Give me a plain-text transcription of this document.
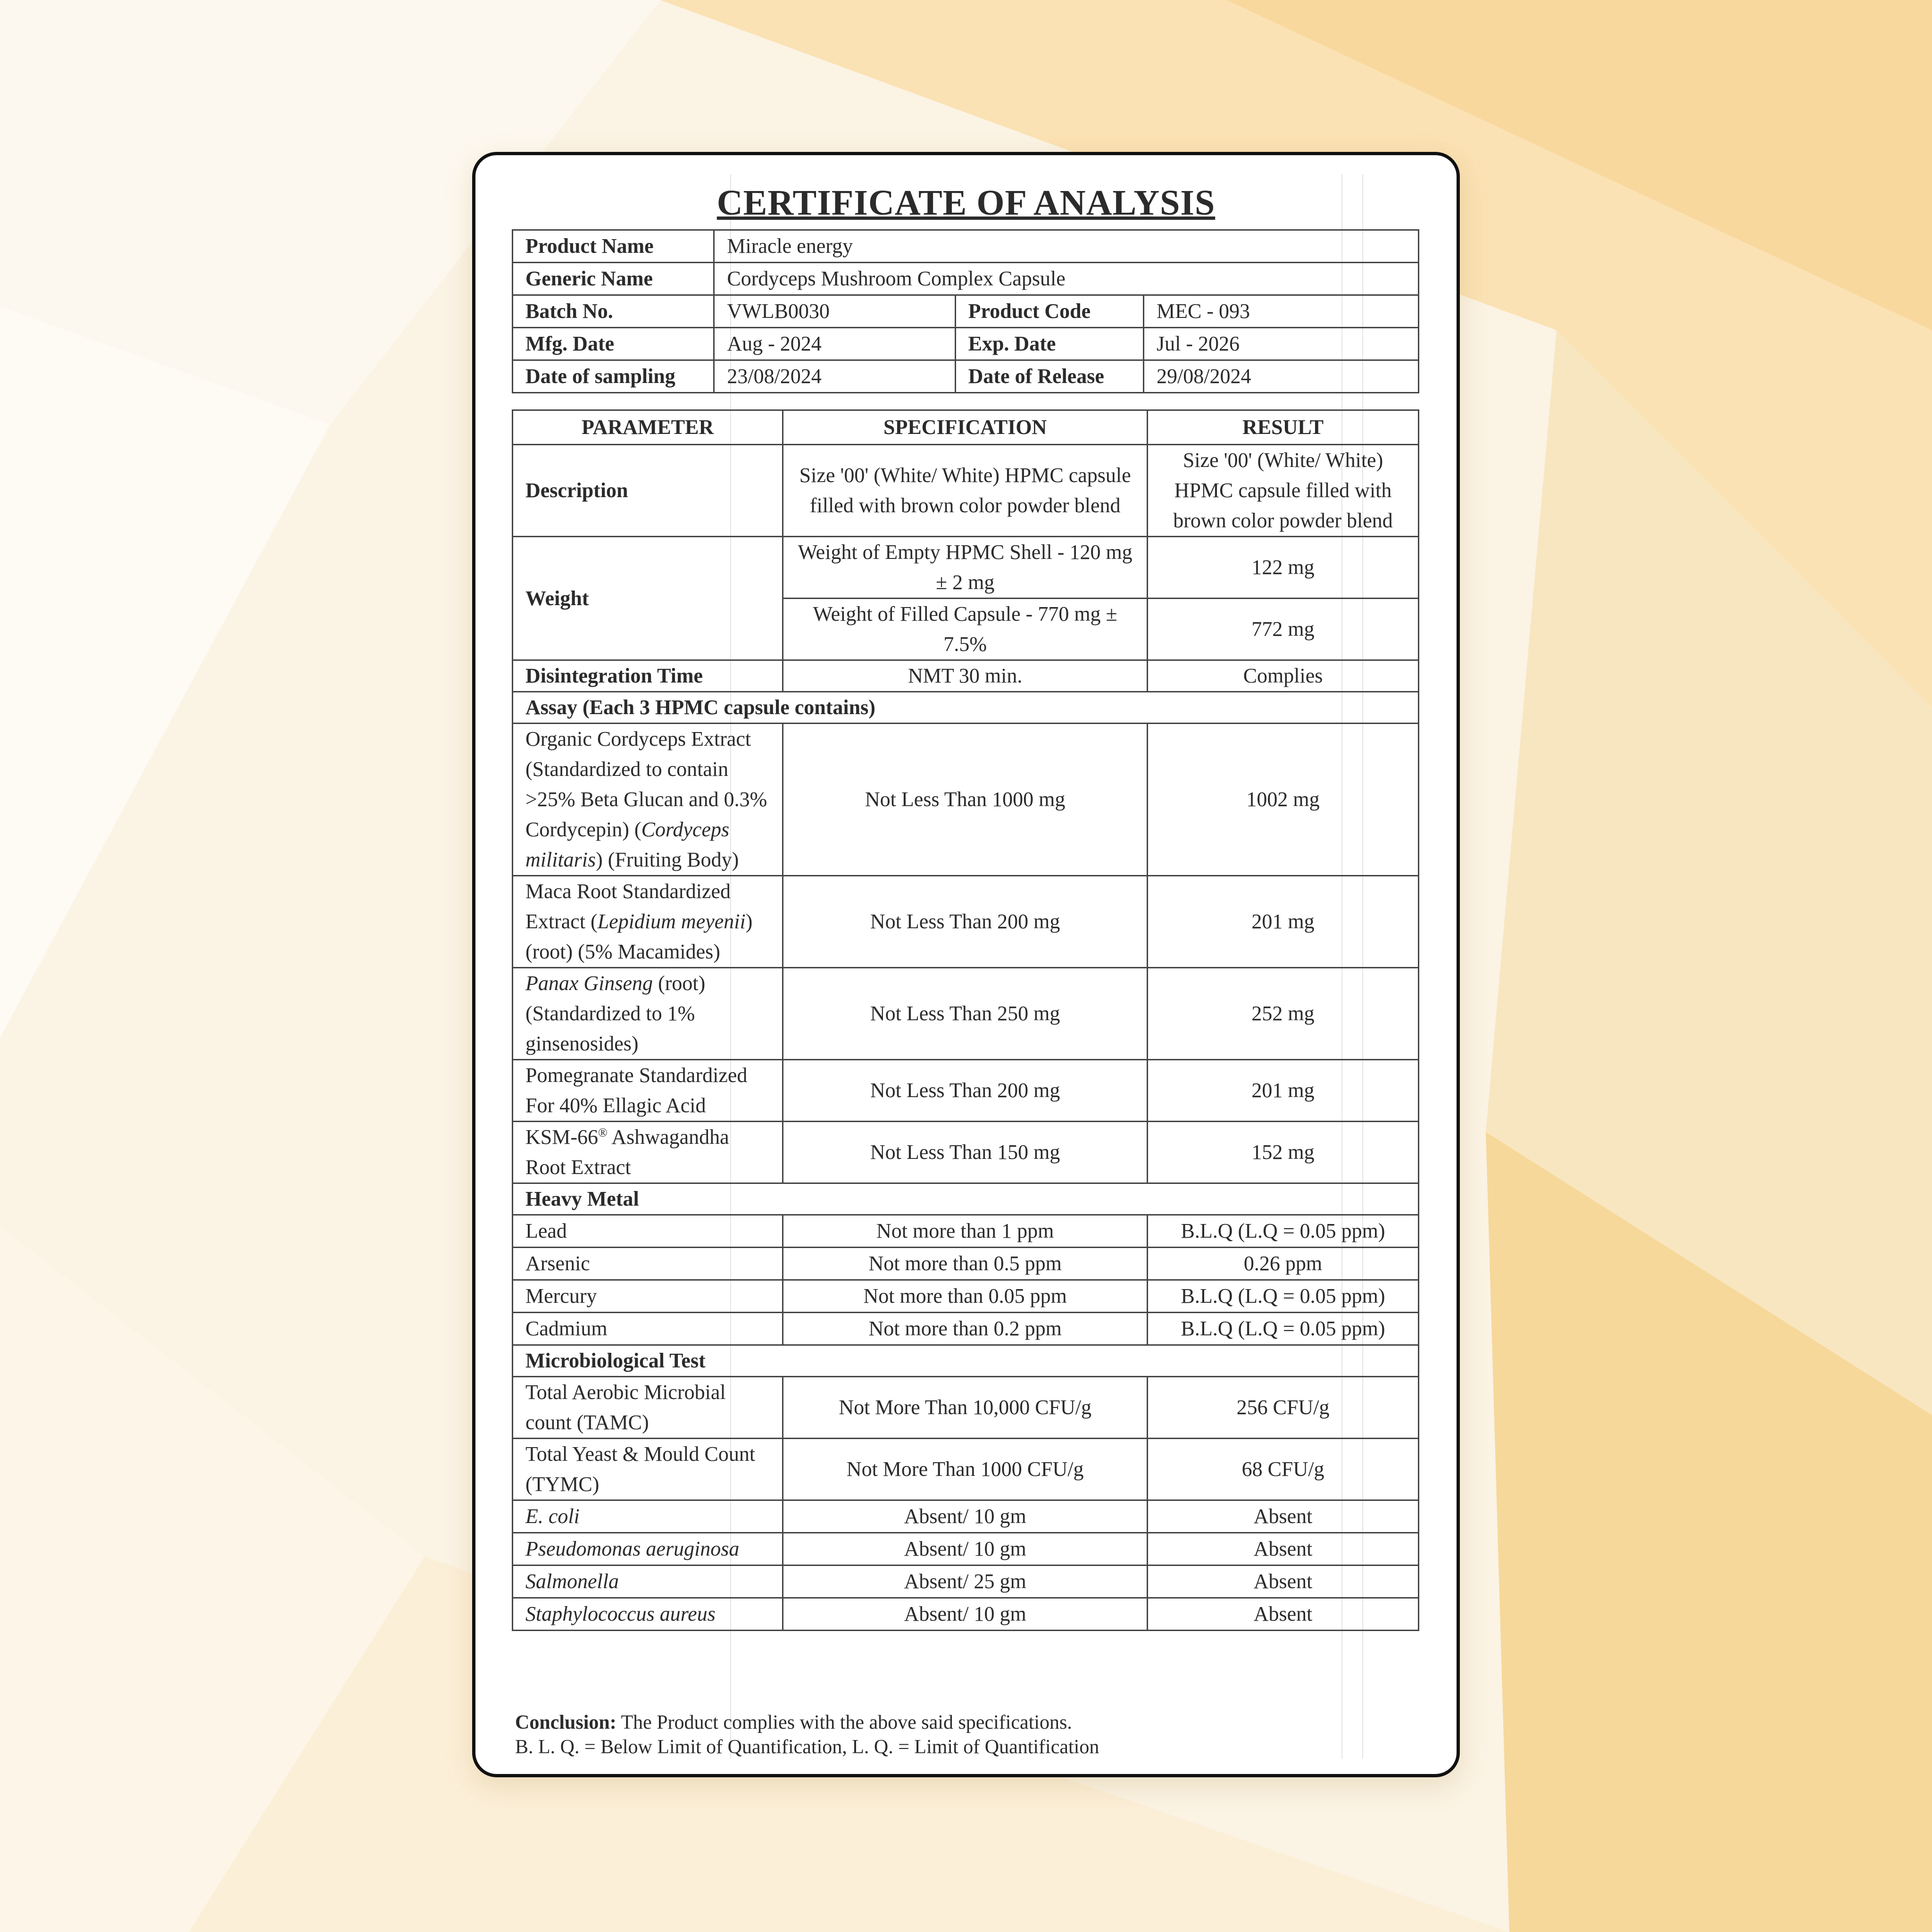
CERTIFICATE OF ANALYSIS
Product Name	Miracle energy		
Generic Name	Cordyceps Mushroom Complex Capsule		
Batch No.	VWLB0030	Product Code	MEC - 093
Mfg. Date	Aug - 2024	Exp. Date	Jul - 2026
Date of sampling	23/08/2024	Date of Release	29/08/2024
PARAMETER	SPECIFICATION	RESULT
Description	Size '00' (White/ White) HPMC capsule filled with brown color powder blend	Size '00' (White/ White) HPMC capsule filled with brown color powder blend
Weight	Weight of Empty HPMC Shell - 120 mg ± 2 mg	122 mg
	Weight of Filled Capsule - 770 mg ± 7.5%	772 mg
Disintegration Time	NMT 30 min.	Complies
Assay (Each 3 HPMC capsule contains)		
Organic Cordyceps Extract (Standardized to contain >25% Beta Glucan and 0.3% Cordycepin) (Cordyceps militaris) (Fruiting Body)	Not Less Than 1000 mg	1002 mg
Maca Root Standardized Extract (Lepidium meyenii) (root) (5% Macamides)	Not Less Than 200 mg	201 mg
Panax Ginseng (root) (Standardized to 1% ginsenosides)	Not Less Than 250 mg	252 mg
Pomegranate Standardized For 40% Ellagic Acid	Not Less Than 200 mg	201 mg
KSM-66® Ashwagandha Root Extract	Not Less Than 150 mg	152 mg
Heavy Metal		
Lead	Not more than 1 ppm	B.L.Q (L.Q = 0.05 ppm)
Arsenic	Not more than 0.5 ppm	0.26 ppm
Mercury	Not more than 0.05 ppm	B.L.Q (L.Q = 0.05 ppm)
Cadmium	Not more than 0.2 ppm	B.L.Q (L.Q = 0.05 ppm)
Microbiological Test		
Total Aerobic Microbial count (TAMC)	Not More Than 10,000 CFU/g	256 CFU/g
Total Yeast & Mould Count (TYMC)	Not More Than 1000 CFU/g	68 CFU/g
E. coli	Absent/ 10 gm	Absent
Pseudomonas aeruginosa	Absent/ 10 gm	Absent
Salmonella	Absent/ 25 gm	Absent
Staphylococcus aureus	Absent/ 10 gm	Absent
Conclusion: The Product complies with the above said specifications.
B. L. Q. = Below Limit of Quantification, L. Q. = Limit of Quantification
